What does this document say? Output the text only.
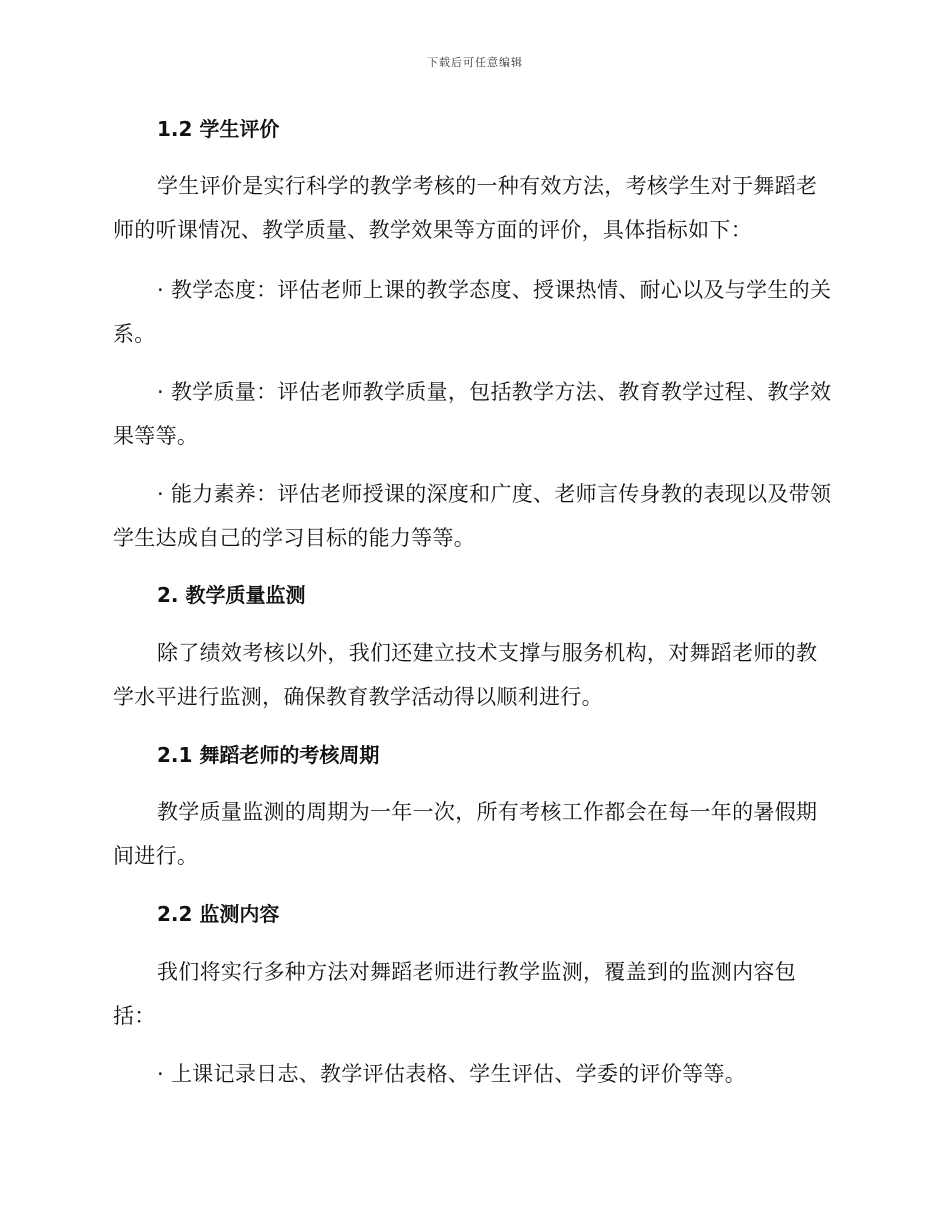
下载后可任意编辑
1.2 学生评价
学生评价是实行科学的教学考核的一种有效方法，考核学生对于舞蹈老师的听课情况、教学质量、教学效果等方面的评价，具体指标如下：
· 教学态度：评估老师上课的教学态度、授课热情、耐心以及与学生的关系。
· 教学质量：评估老师教学质量，包括教学方法、教育教学过程、教学效果等等。
· 能力素养：评估老师授课的深度和广度、老师言传身教的表现以及带领学生达成自己的学习目标的能力等等。
2. 教学质量监测
除了绩效考核以外，我们还建立技术支撑与服务机构，对舞蹈老师的教学水平进行监测，确保教育教学活动得以顺利进行。
2.1 舞蹈老师的考核周期
教学质量监测的周期为一年一次，所有考核工作都会在每一年的暑假期间进行。
2.2 监测内容
我们将实行多种方法对舞蹈老师进行教学监测，覆盖到的监测内容包括：
· 上课记录日志、教学评估表格、学生评估、学委的评价等等。
